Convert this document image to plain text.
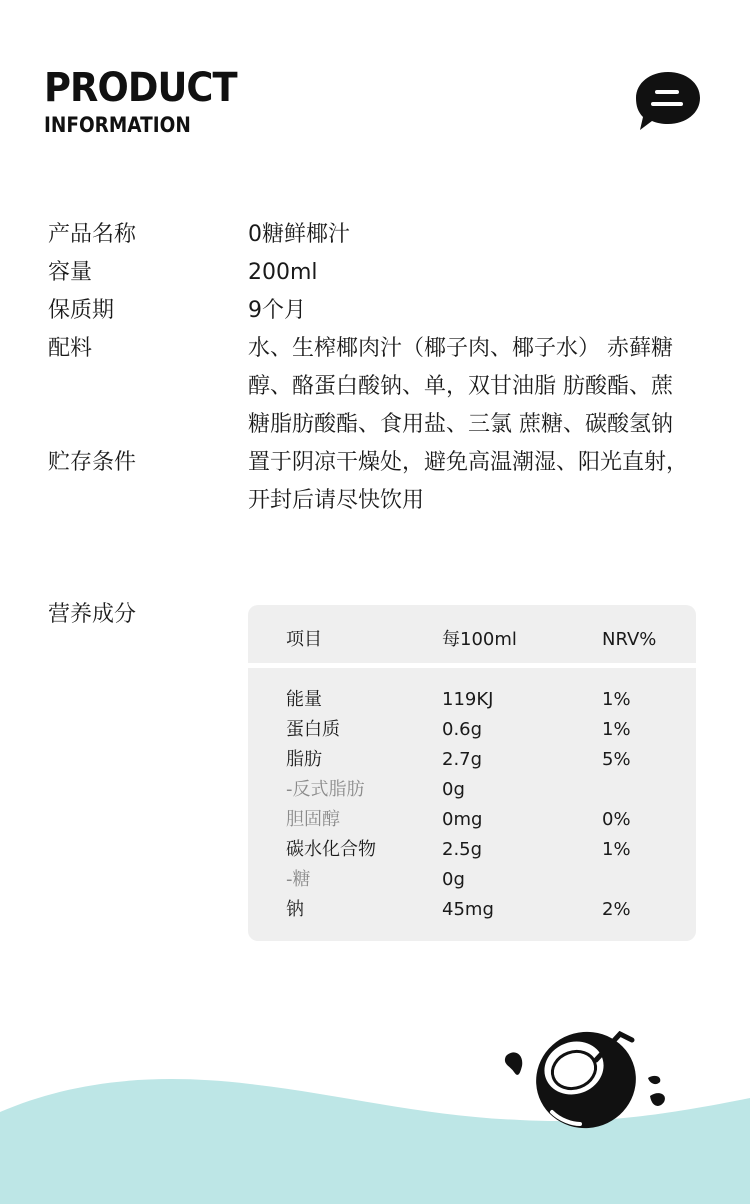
PRODUCT
INFORMATION
产品名称	0糖鲜椰汁
容量	200ml
保质期	9个月
配料	水、生榨椰肉汁（椰子肉、椰子水） 赤藓糖醇、酪蛋白酸钠、单，双甘油脂 肪酸酯、蔗糖脂肪酸酯、食用盐、三氯 蔗糖、碳酸氢钠
贮存条件	置于阴凉干燥处，避免高温潮湿、阳光直射，开封后请尽快饮用
营养成分
项目	每100ml	NRV%
能量	119KJ	1%
蛋白质	0.6g	1%
脂肪	2.7g	5%
-反式脂肪	0g
胆固醇	0mg	0%
碳水化合物	2.5g	1%
-糖	0g
钠	45mg	2%
